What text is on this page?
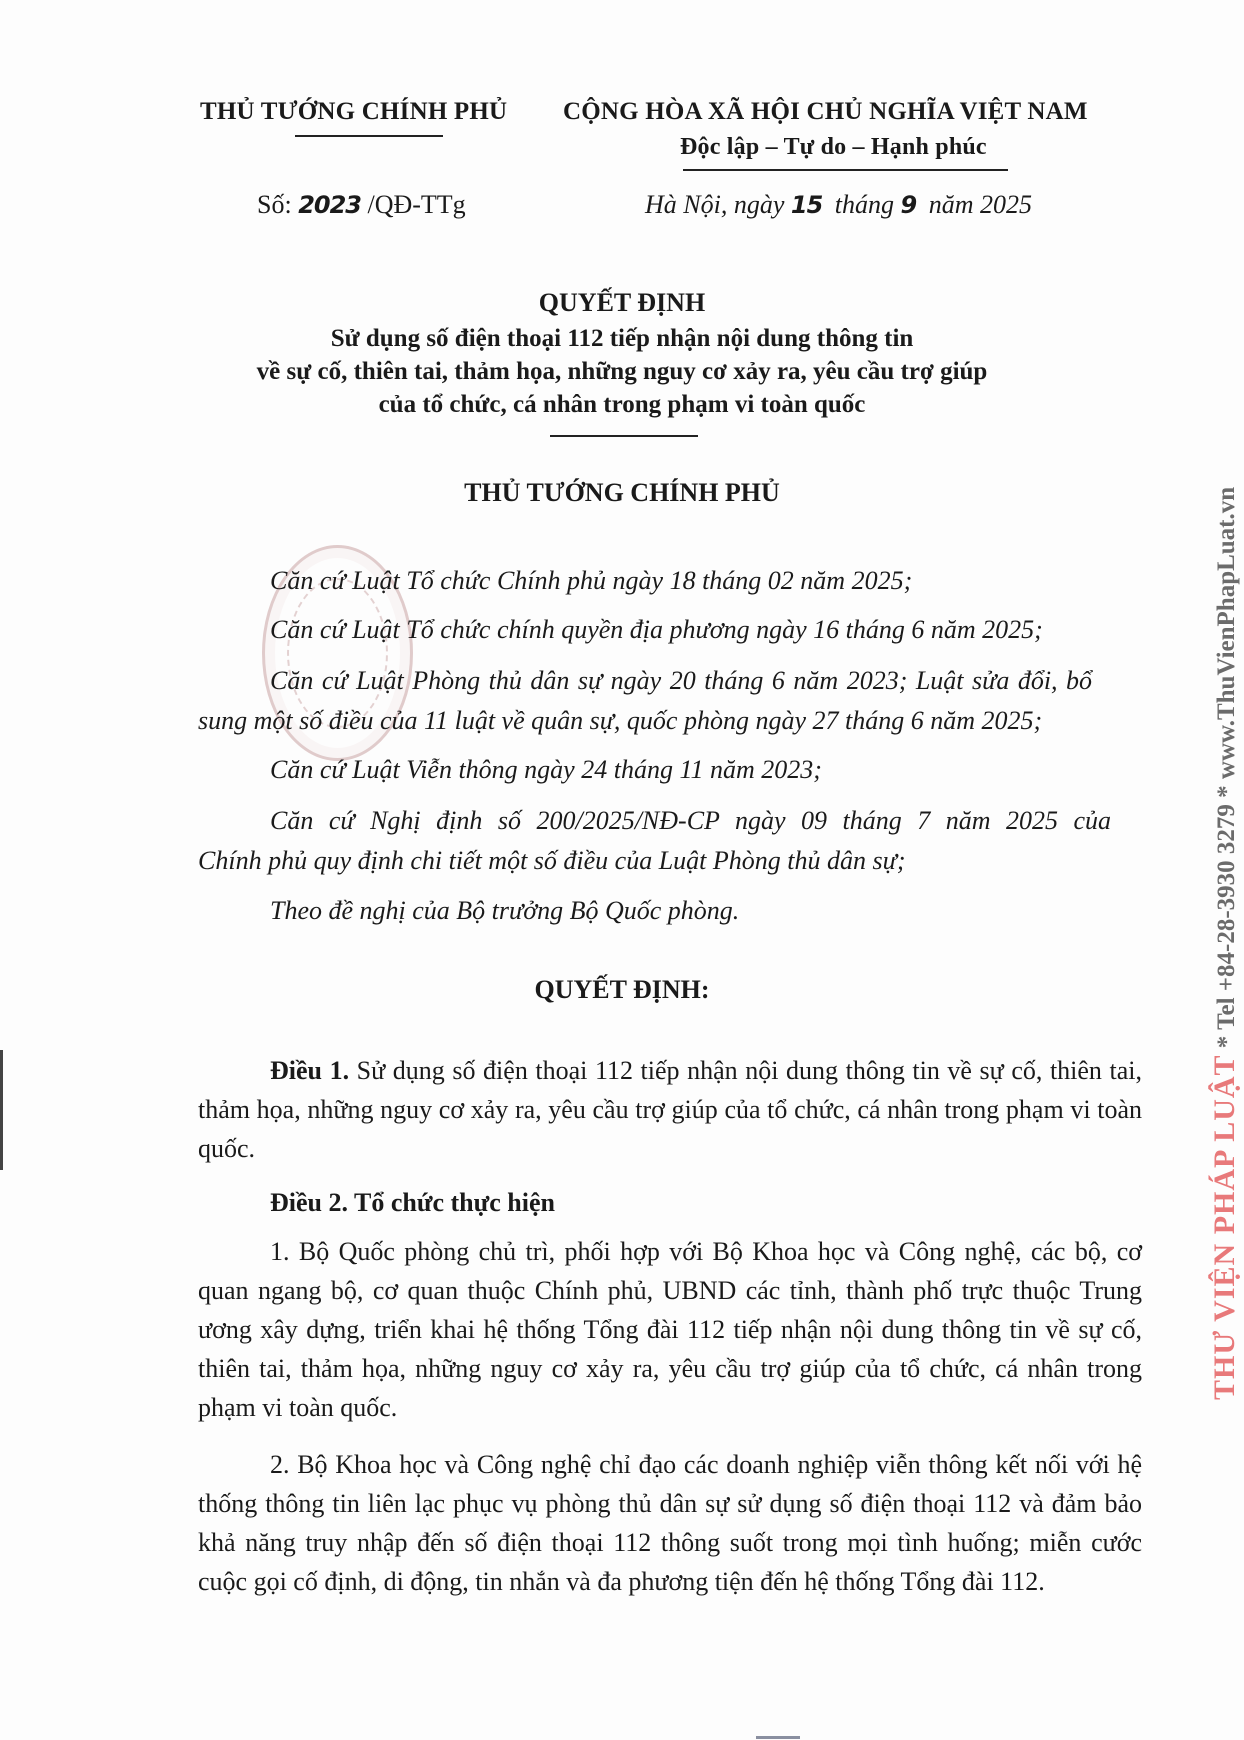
THỦ TƯỚNG CHÍNH PHỦ CỘNG HÒA XÃ HỘI CHỦ NGHĨA VIỆT NAM
Độc lập – Tự do – Hạnh phúc
Số: 2023 /QĐ-TTg	Hà Nội, ngày 15 tháng 9 năm 2025
QUYẾT ĐỊNH
Sử dụng số điện thoại 112 tiếp nhận nội dung thông tin
về sự cố, thiên tai, thảm họa, những nguy cơ xảy ra, yêu cầu trợ giúp
của tổ chức, cá nhân trong phạm vi toàn quốc
THỦ TƯỚNG CHÍNH PHỦ
Căn cứ Luật Tổ chức Chính phủ ngày 18 tháng 02 năm 2025;
Căn cứ Luật Tổ chức chính quyền địa phương ngày 16 tháng 6 năm 2025;
Căn cứ Luật Phòng thủ dân sự ngày 20 tháng 6 năm 2023; Luật sửa đổi, bổ
sung một số điều của 11 luật về quân sự, quốc phòng ngày 27 tháng 6 năm 2025;
Căn cứ Luật Viễn thông ngày 24 tháng 11 năm 2023;
Căn cứ Nghị định số 200/2025/NĐ-CP ngày 09 tháng 7 năm 2025 của
Chính phủ quy định chi tiết một số điều của Luật Phòng thủ dân sự;
Theo đề nghị của Bộ trưởng Bộ Quốc phòng.
QUYẾT ĐỊNH:
Điều 1. Sử dụng số điện thoại 112 tiếp nhận nội dung thông tin về sự cố, thiên tai, thảm họa, những nguy cơ xảy ra, yêu cầu trợ giúp của tổ chức, cá nhân trong phạm vi toàn quốc.
Điều 2. Tổ chức thực hiện
1. Bộ Quốc phòng chủ trì, phối hợp với Bộ Khoa học và Công nghệ, các bộ, cơ quan ngang bộ, cơ quan thuộc Chính phủ, UBND các tỉnh, thành phố trực thuộc Trung ương xây dựng, triển khai hệ thống Tổng đài 112 tiếp nhận nội dung thông tin về sự cố, thiên tai, thảm họa, những nguy cơ xảy ra, yêu cầu trợ giúp của tổ chức, cá nhân trong phạm vi toàn quốc.
2. Bộ Khoa học và Công nghệ chỉ đạo các doanh nghiệp viễn thông kết nối với hệ thống thông tin liên lạc phục vụ phòng thủ dân sự sử dụng số điện thoại 112 và đảm bảo khả năng truy nhập đến số điện thoại 112 thông suốt trong mọi tình huống; miễn cước cuộc gọi cố định, di động, tin nhắn và đa phương tiện đến hệ thống Tổng đài 112.
THƯ VIỆN PHÁP LUẬT * Tel +84-28-3930 3279 * www.ThuVienPhapLuat.vn
